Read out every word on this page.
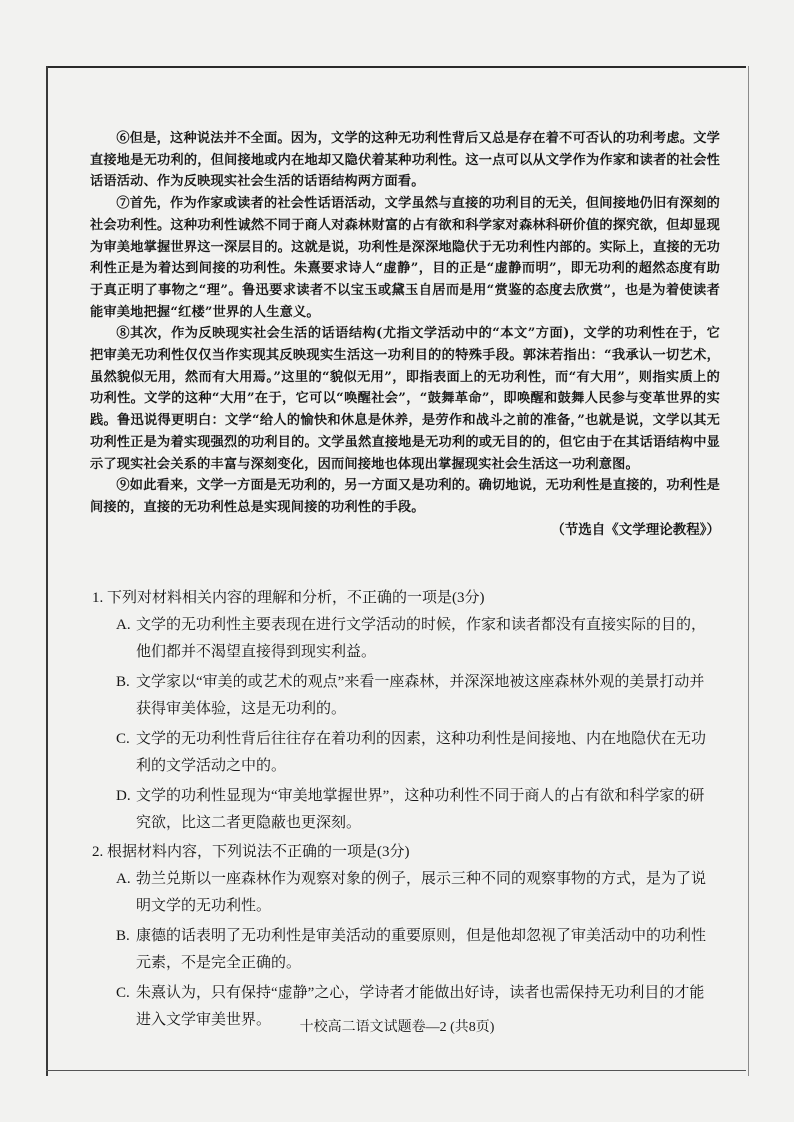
⑥但是，这种说法并不全面。因为，文学的这种无功利性背后又总是存在着不可否认的功利考虑。文学直接地是无功利的，但间接地或内在地却又隐伏着某种功利性。这一点可以从文学作为作家和读者的社会性话语活动、作为反映现实社会生活的话语结构两方面看。

⑦首先，作为作家或读者的社会性话语活动，文学虽然与直接的功利目的无关，但间接地仍旧有深刻的社会功利性。这种功利性诚然不同于商人对森林财富的占有欲和科学家对森林科研价值的探究欲，但却显现为审美地掌握世界这一深层目的。这就是说，功利性是深深地隐伏于无功利性内部的。实际上，直接的无功利性正是为着达到间接的功利性。朱熹要求诗人“虚静”，目的正是“虚静而明”，即无功利的超然态度有助于真正明了事物之“理”。鲁迅要求读者不以宝玉或黛玉自居而是用“赏鉴的态度去欣赏”，也是为着使读者能审美地把握“红楼”世界的人生意义。

⑧其次，作为反映现实社会生活的话语结构(尤指文学活动中的“本文”方面)，文学的功利性在于，它把审美无功利性仅仅当作实现其反映现实生活这一功利目的的特殊手段。郭沫若指出：“我承认一切艺术，虽然貌似无用，然而有大用焉。”这里的“貌似无用”，即指表面上的无功利性，而“有大用”，则指实质上的功利性。文学的这种“大用”在于，它可以“唤醒社会”，“鼓舞革命”，即唤醒和鼓舞人民参与变革世界的实践。鲁迅说得更明白：文学“给人的愉快和休息是休养，是劳作和战斗之前的准备，”也就是说，文学以其无功利性正是为着实现强烈的功利目的。文学虽然直接地是无功利的或无目的的，但它由于在其话语结构中显示了现实社会关系的丰富与深刻变化，因而间接地也体现出掌握现实社会生活这一功利意图。

⑨如此看来，文学一方面是无功利的，另一方面又是功利的。确切地说，无功利性是直接的，功利性是间接的，直接的无功利性总是实现间接的功利性的手段。

（节选自《文学理论教程》）

1. 下列对材料相关内容的理解和分析，不正确的一项是(3分)

A. 文学的无功利性主要表现在进行文学活动的时候，作家和读者都没有直接实际的目的，他们都并不渴望直接得到现实利益。

B. 文学家以“审美的或艺术的观点”来看一座森林，并深深地被这座森林外观的美景打动并获得审美体验，这是无功利的。

C. 文学的无功利性背后往往存在着功利的因素，这种功利性是间接地、内在地隐伏在无功利的文学活动之中的。

D. 文学的功利性显现为“审美地掌握世界”，这种功利性不同于商人的占有欲和科学家的研究欲，比这二者更隐蔽也更深刻。

2. 根据材料内容，下列说法不正确的一项是(3分)

A. 勃兰兑斯以一座森林作为观察对象的例子，展示三种不同的观察事物的方式，是为了说明文学的无功利性。

B. 康德的话表明了无功利性是审美活动的重要原则，但是他却忽视了审美活动中的功利性元素，不是完全正确的。

C. 朱熹认为，只有保持“虚静”之心，学诗者才能做出好诗，读者也需保持无功利目的才能进入文学审美世界。	十校高二语文试题卷—2 (共8页)
